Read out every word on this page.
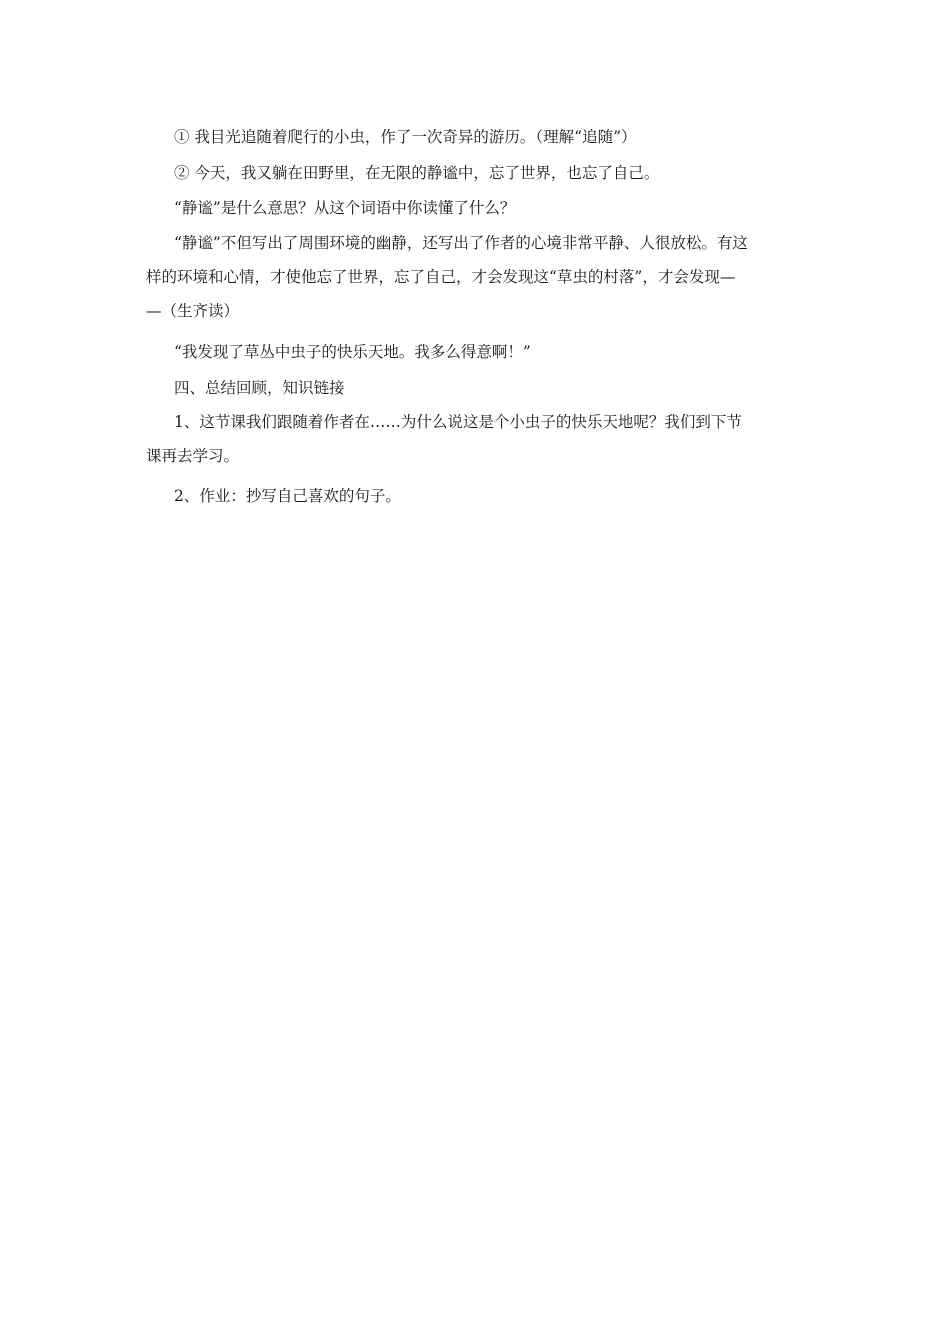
① 我目光追随着爬行的小虫，作了一次奇异的游历。（理解“追随”）

② 今天，我又躺在田野里，在无限的静谧中，忘了世界，也忘了自己。

“静谧”是什么意思？从这个词语中你读懂了什么？

“静谧”不但写出了周围环境的幽静，还写出了作者的心境非常平静、人很放松。有这
样的环境和心情，才使他忘了世界，忘了自己，才会发现这“草虫的村落”，才会发现—
—（生齐读）

“我发现了草丛中虫子的快乐天地。我多么得意啊！”

四、总结回顾，知识链接

1、这节课我们跟随着作者在……为什么说这是个小虫子的快乐天地呢？我们到下节
课再去学习。

2、作业：抄写自己喜欢的句子。
